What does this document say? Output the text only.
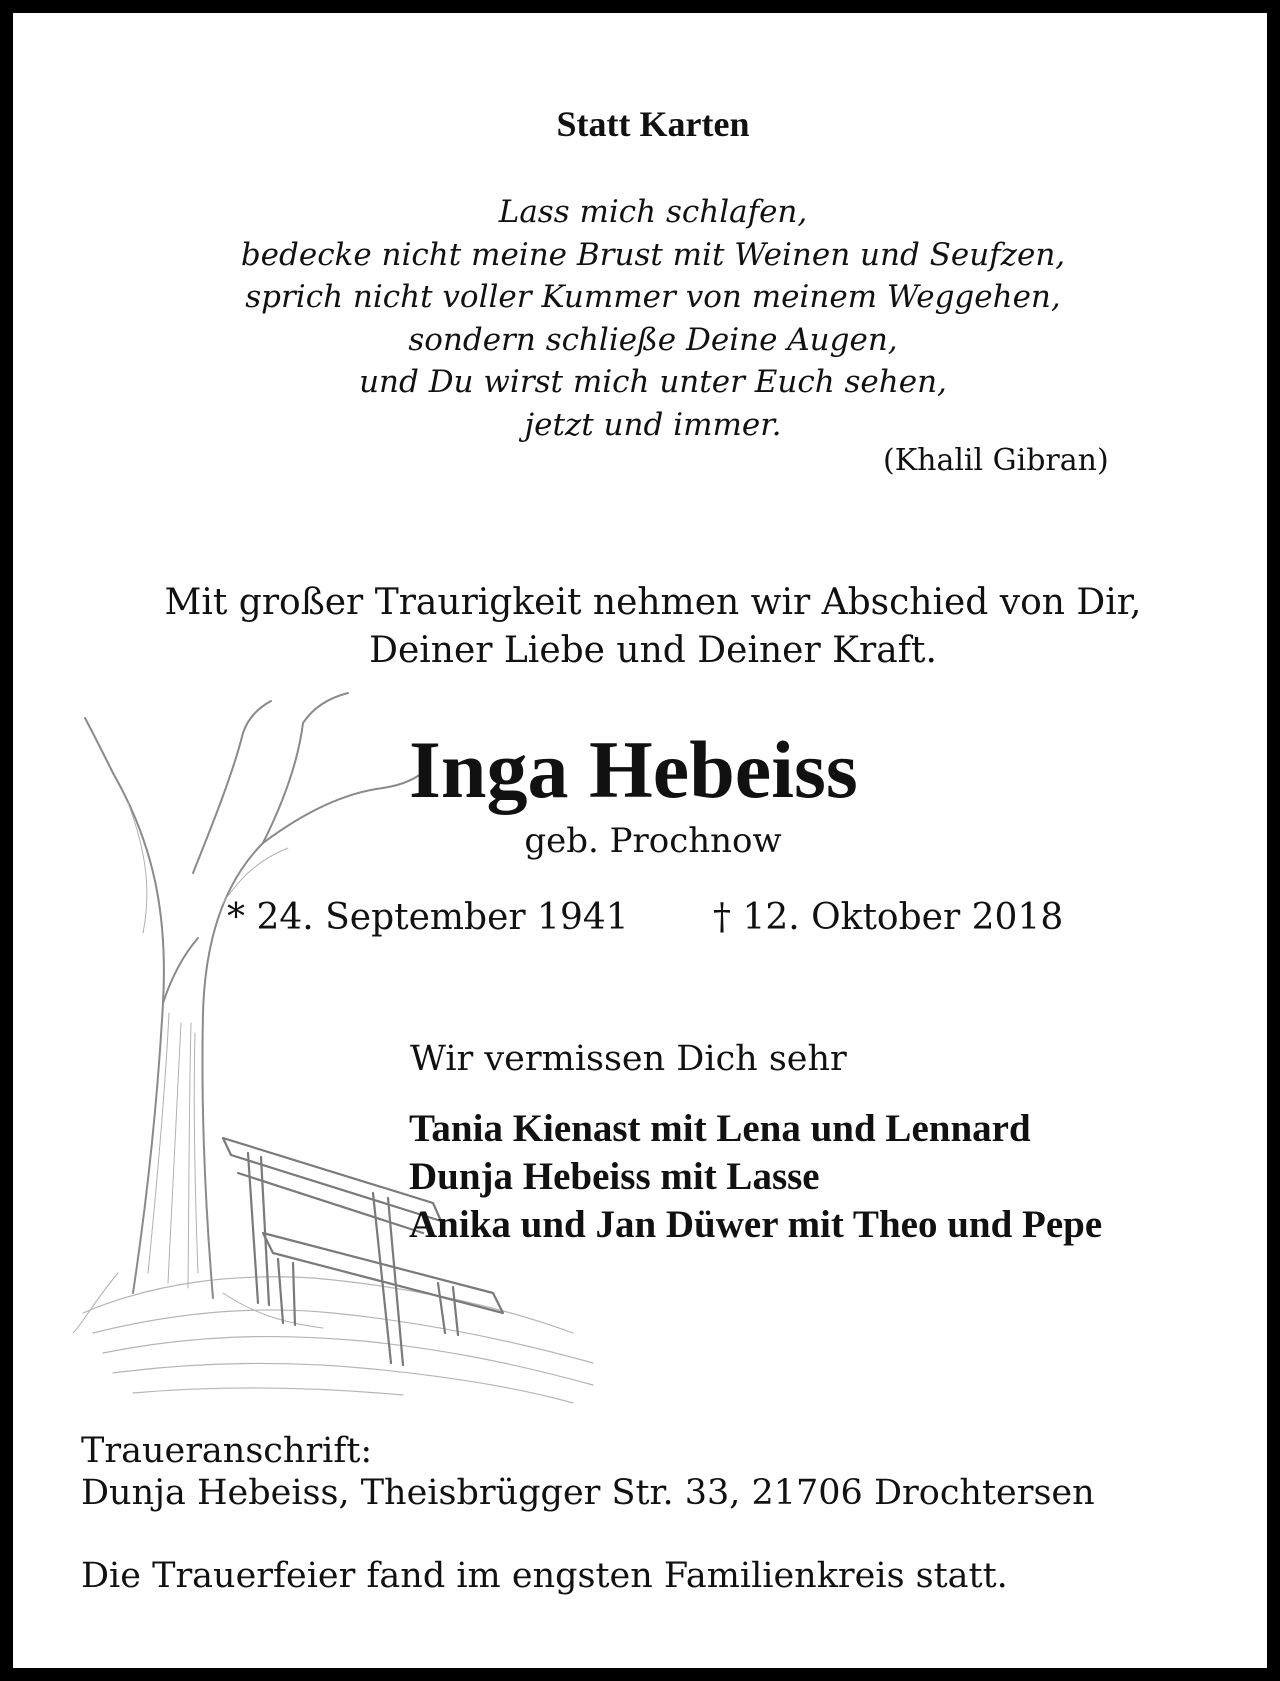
Statt Karten
Lass mich schlafen,
bedecke nicht meine Brust mit Weinen und Seufzen,
sprich nicht voller Kummer von meinem Weggehen,
sondern schließe Deine Augen,
und Du wirst mich unter Euch sehen,
jetzt und immer.
(Khalil Gibran)
Mit großer Traurigkeit nehmen wir Abschied von Dir,
Deiner Liebe und Deiner Kraft.
Inga Hebeiss
geb. Prochnow
* 24. September 1941 † 12. Oktober 2018
Wir vermissen Dich sehr
Tania Kienast mit Lena und Lennard
Dunja Hebeiss mit Lasse
Anika und Jan Düwer mit Theo und Pepe
Traueranschrift:
Dunja Hebeiss, Theisbrügger Str. 33, 21706 Drochtersen
Die Trauerfeier fand im engsten Familienkreis statt.
